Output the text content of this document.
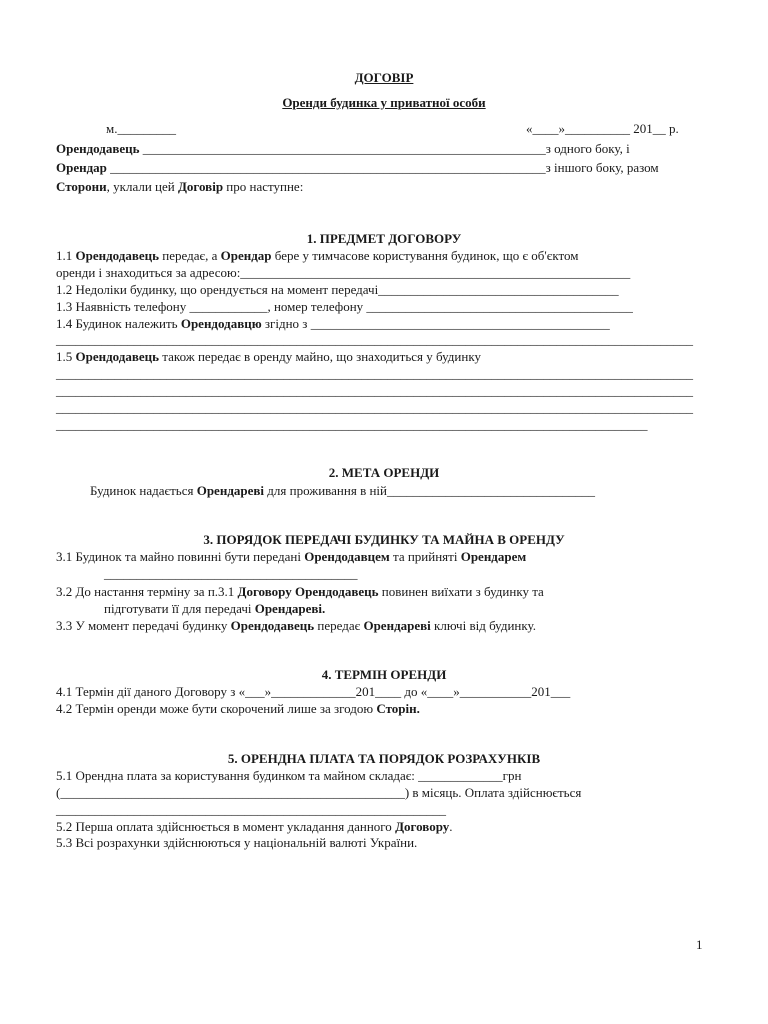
ДОГОВІР

Оренди будинка у приватної особи

м._________	«____»__________ 201__ р.

Орендодавець ______________________________________________________________з одного боку, і

Орендар ___________________________________________________________________з іншого боку, разом

Сторони, уклали цей Договір про наступне:

1. ПРЕДМЕТ ДОГОВОРУ

1.1 Орендодавець передає, а Орендар бере у тимчасове користування будинок, що є об'єктом

оренди і знаходиться за адресою:____________________________________________________________

1.2 Недоліки будинку, що орендується на момент передачі_____________________________________

1.3 Наявність телефону ____________, номер телефону _________________________________________

1.4 Будинок належить Орендодавцю згідно з ______________________________________________

__________________________________________________________________________________________________

1.5 Орендодавець також передає в оренду майно, що знаходиться у будинку

__________________________________________________________________________________________________

__________________________________________________________________________________________________

__________________________________________________________________________________________________

___________________________________________________________________________________________

2. МЕТА ОРЕНДИ

Будинок надається Орендареві для проживання в ній________________________________

3. ПОРЯДОК ПЕРЕДАЧІ БУДИНКУ ТА МАЙНА В ОРЕНДУ

3.1 Будинок та майно повинні бути передані Орендодавцем та прийняті Орендарем

_______________________________________

3.2 До настання терміну за п.3.1 Договору Орендодавець повинен виїхати з будинку та

підготувати її для передачі Орендареві.

3.3 У момент передачі будинку Орендодавець передає Орендареві ключі від будинку.

4. ТЕРМІН ОРЕНДИ

4.1 Термін дії даного Договору з «___»_____________201____ до «____»___________201___

4.2 Термін оренди може бути скорочений лише за згодою Сторін.

5. ОРЕНДНА ПЛАТА ТА ПОРЯДОК РОЗРАХУНКІВ

5.1 Орендна плата за користування будинком та майном складає: _____________грн

(_____________________________________________________) в місяць. Оплата здійснюється

____________________________________________________________

5.2 Перша оплата здійснюється в момент укладання данного Договору.

5.3 Всі розрахунки здійснюються у національній валюті України.

1
